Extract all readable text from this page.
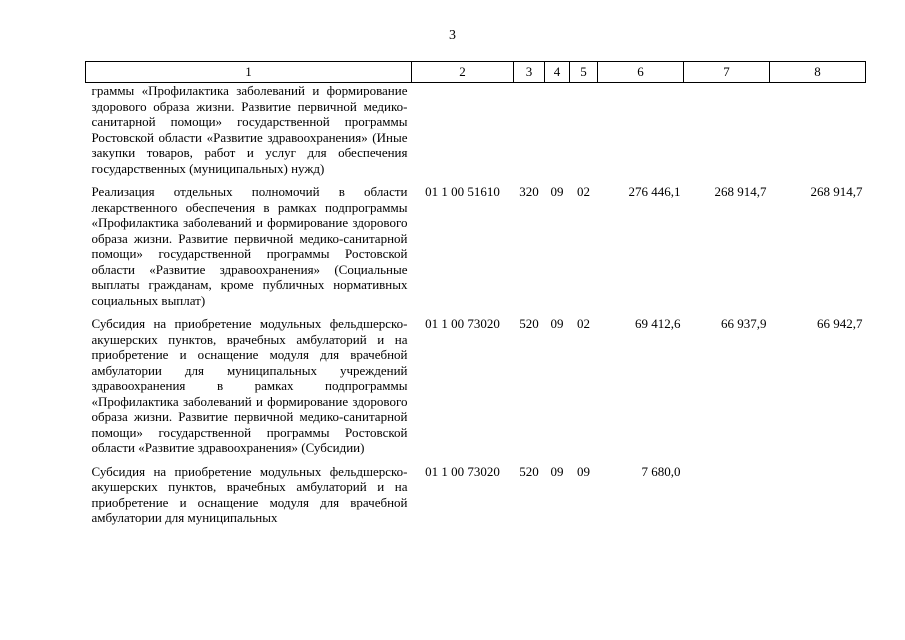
3
1	2	3	4	5	6	7	8
граммы «Профилактика заболеваний и формирование здорового образа жизни. Развитие первичной медико-санитарной помощи» государственной программы Ростовской области «Развитие здравоохранения» (Иные закупки товаров, работ и услуг для обеспечения государственных (муниципальных) нужд)							
Реализация отдельных полномочий в области лекарственного обеспечения в рамках подпрограммы «Профилактика заболеваний и формирование здорового образа жизни. Развитие первичной медико-санитарной помощи» государственной программы Ростовской области «Развитие здравоохранения» (Социальные выплаты гражданам, кроме публичных нормативных социальных выплат)	01 1 00 51610	320	09	02	276 446,1	268 914,7	268 914,7
Субсидия на приобретение модульных фельдшерско-акушерских пунктов, врачебных амбулаторий и на приобретение и оснащение модуля для врачебной амбулатории для муниципальных учреждений здравоохранения в рамках подпрограммы «Профилактика заболеваний и формирование здорового образа жизни. Развитие первичной медико-санитарной помощи» государственной программы Ростовской области «Развитие здравоохранения» (Субсидии)	01 1 00 73020	520	09	02	69 412,6	66 937,9	66 942,7
Субсидия на приобретение модульных фельдшерско-акушерских пунктов, врачебных амбулаторий и на приобретение и оснащение модуля для врачебной амбулатории для муниципальных	01 1 00 73020	520	09	09	7 680,0		
